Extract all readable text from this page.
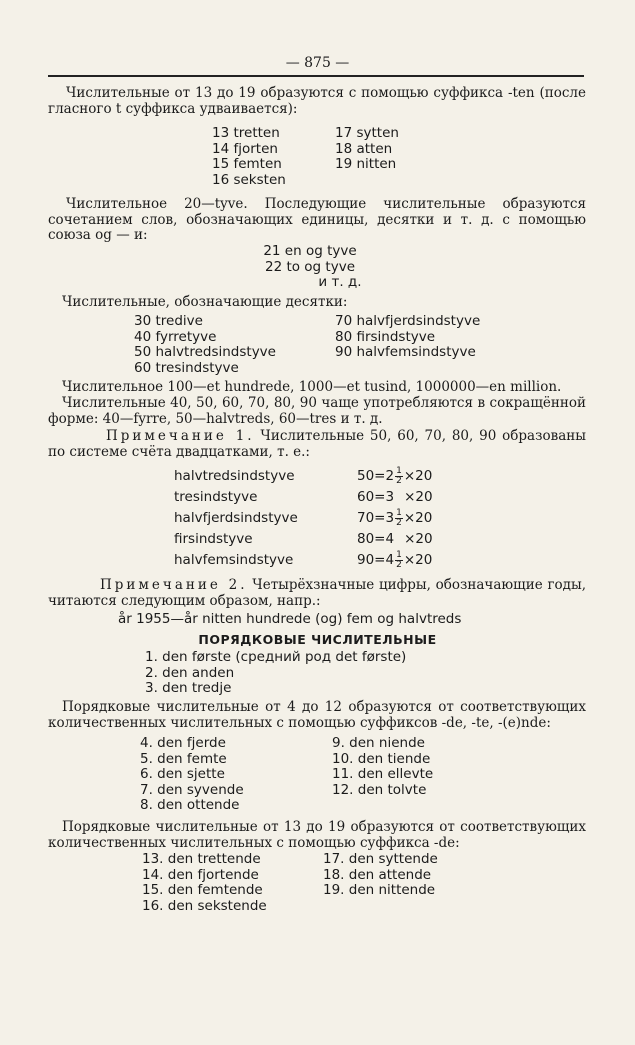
— 875 —
Числительные от 13 до 19 образуются с помощью суффикса -ten (после гласного t суффикса удваивается):
13 tretten
14 fjorten
15 femten
16 seksten
17 sytten
18 atten
19 nitten
Числительное 20—tyve. Последующие числительные образуются сочетанием слов, обозначающих единицы, десятки и т. д. с помощью союза og — и:
21 en og tyve
22 to og tyve
и т. д.
Числительные, обозначающие десятки:
30 tredive
40 fyrretyve
50 halvtredsindstyve
60 tresindstyve
70 halvfjerdsindstyve
80 firsindstyve
90 halvfemsindstyve
Числительное 100—et hundrede, 1000—et tusind, 1000000—en million.
Числительные 40, 50, 60, 70, 80, 90 чаще употребляются в сокращённой форме: 40—fyrre, 50—halvtreds, 60—tres и т. д.
Примечание 1. Числительные 50, 60, 70, 80, 90 образованы по системе счёта двадцатками, т. е.:
halvtredsindstyve
tresindstyve
halvfjerdsindstyve
firsindstyve
halvfemsindstyve
$50=2 \frac{1}{2} \times 20$
60=3 ×20
$70=3 \frac{1}{2} \times 20$
80=4 ×20
$90=4 \frac{1}{2} \times 20$
Примечание 2. Четырёхзначные цифры, обозначающие годы, читаются следующим образом, напр.:
år 1955—år nitten hundrede (og) fem og halvtreds
ПОРЯДКОВЫЕ ЧИСЛИТЕЛЬНЫЕ
1. den første (средний род det første)
2. den anden
3. den tredje
Порядковые числительные от 4 до 12 образуются от соответствующих количественных числительных с помощью суффиксов -de, -te, -(e)nde:
4. den fjerde
5. den femte
6. den sjette
7. den syvende
8. den ottende
9. den niende
10. den tiende
11. den ellevte
12. den tolvte
Порядковые числительные от 13 до 19 образуются от соответствующих количественных числительных с помощью суффикса -de:
13. den trettende
14. den fjortende
15. den femtende
16. den sekstende
17. den syttende
18. den attende
19. den nittende
